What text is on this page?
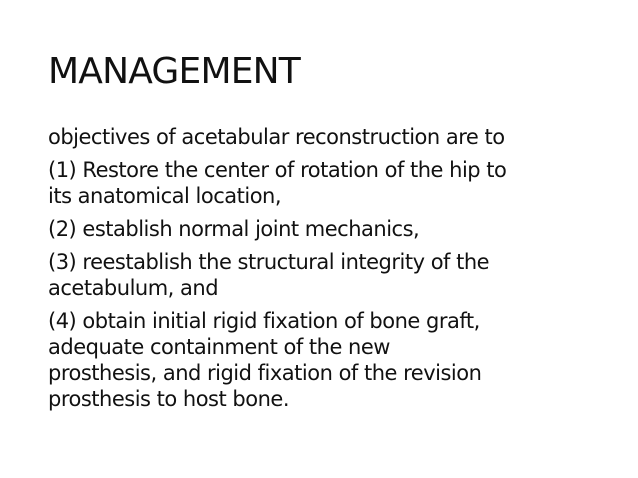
MANAGEMENT

objectives of acetabular reconstruction are to

(1) Restore the center of rotation of the hip to
its anatomical location,

(2) establish normal joint mechanics,

(3) reestablish the structural integrity of the
acetabulum, and

(4) obtain initial rigid fixation of bone graft,
adequate containment of the new
prosthesis, and rigid fixation of the revision
prosthesis to host bone.
